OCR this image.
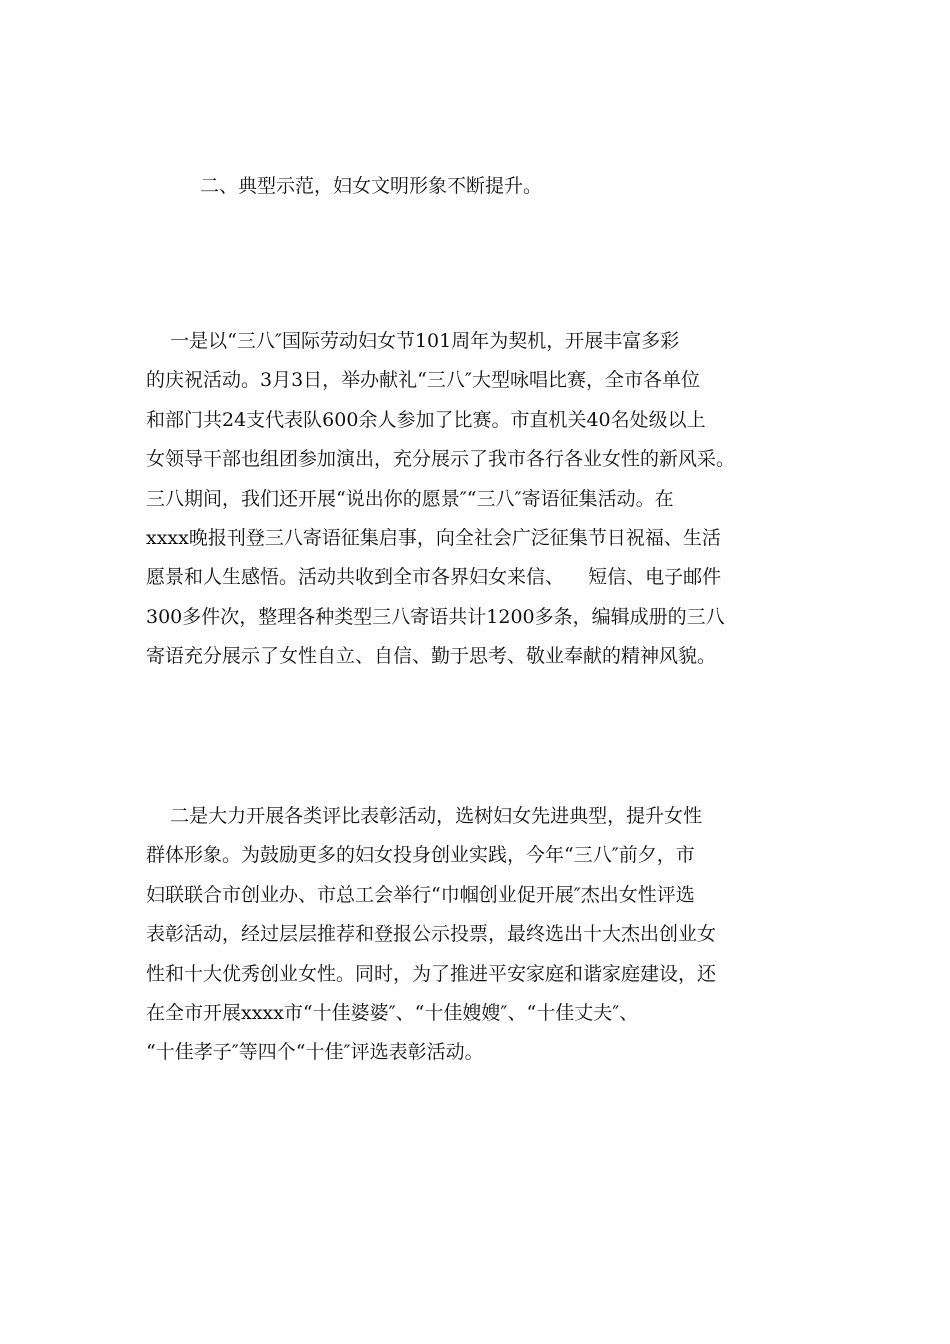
二、典型示范，妇女文明形象不断提升。
一是以“三八″国际劳动妇女节101周年为契机，开展丰富多彩
的庆祝活动。3月3日，举办献礼“三八″大型咏唱比赛，全市各单位
和部门共24支代表队600余人参加了比赛。市直机关40名处级以上
女领导干部也组团参加演出，充分展示了我市各行各业女性的新风采。
三八期间，我们还开展“说出你的愿景″“三八″寄语征集活动。在
xxxx晚报刊登三八寄语征集启事，向全社会广泛征集节日祝福、生活
愿景和人生感悟。活动共收到全市各界妇女来信、    短信、电子邮件
300多件次，整理各种类型三八寄语共计1200多条，编辑成册的三八
寄语充分展示了女性自立、自信、勤于思考、敬业奉献的精神风貌。
二是大力开展各类评比表彰活动，选树妇女先进典型，提升女性
群体形象。为鼓励更多的妇女投身创业实践，今年“三八″前夕，市
妇联联合市创业办、市总工会举行“巾帼创业促开展″杰出女性评选
表彰活动，经过层层推荐和登报公示投票，最终选出十大杰出创业女
性和十大优秀创业女性。同时，为了推进平安家庭和谐家庭建设，还
在全市开展xxxx市“十佳婆婆″、“十佳嫂嫂″、“十佳丈夫″、
“十佳孝子″等四个“十佳″评选表彰活动。
